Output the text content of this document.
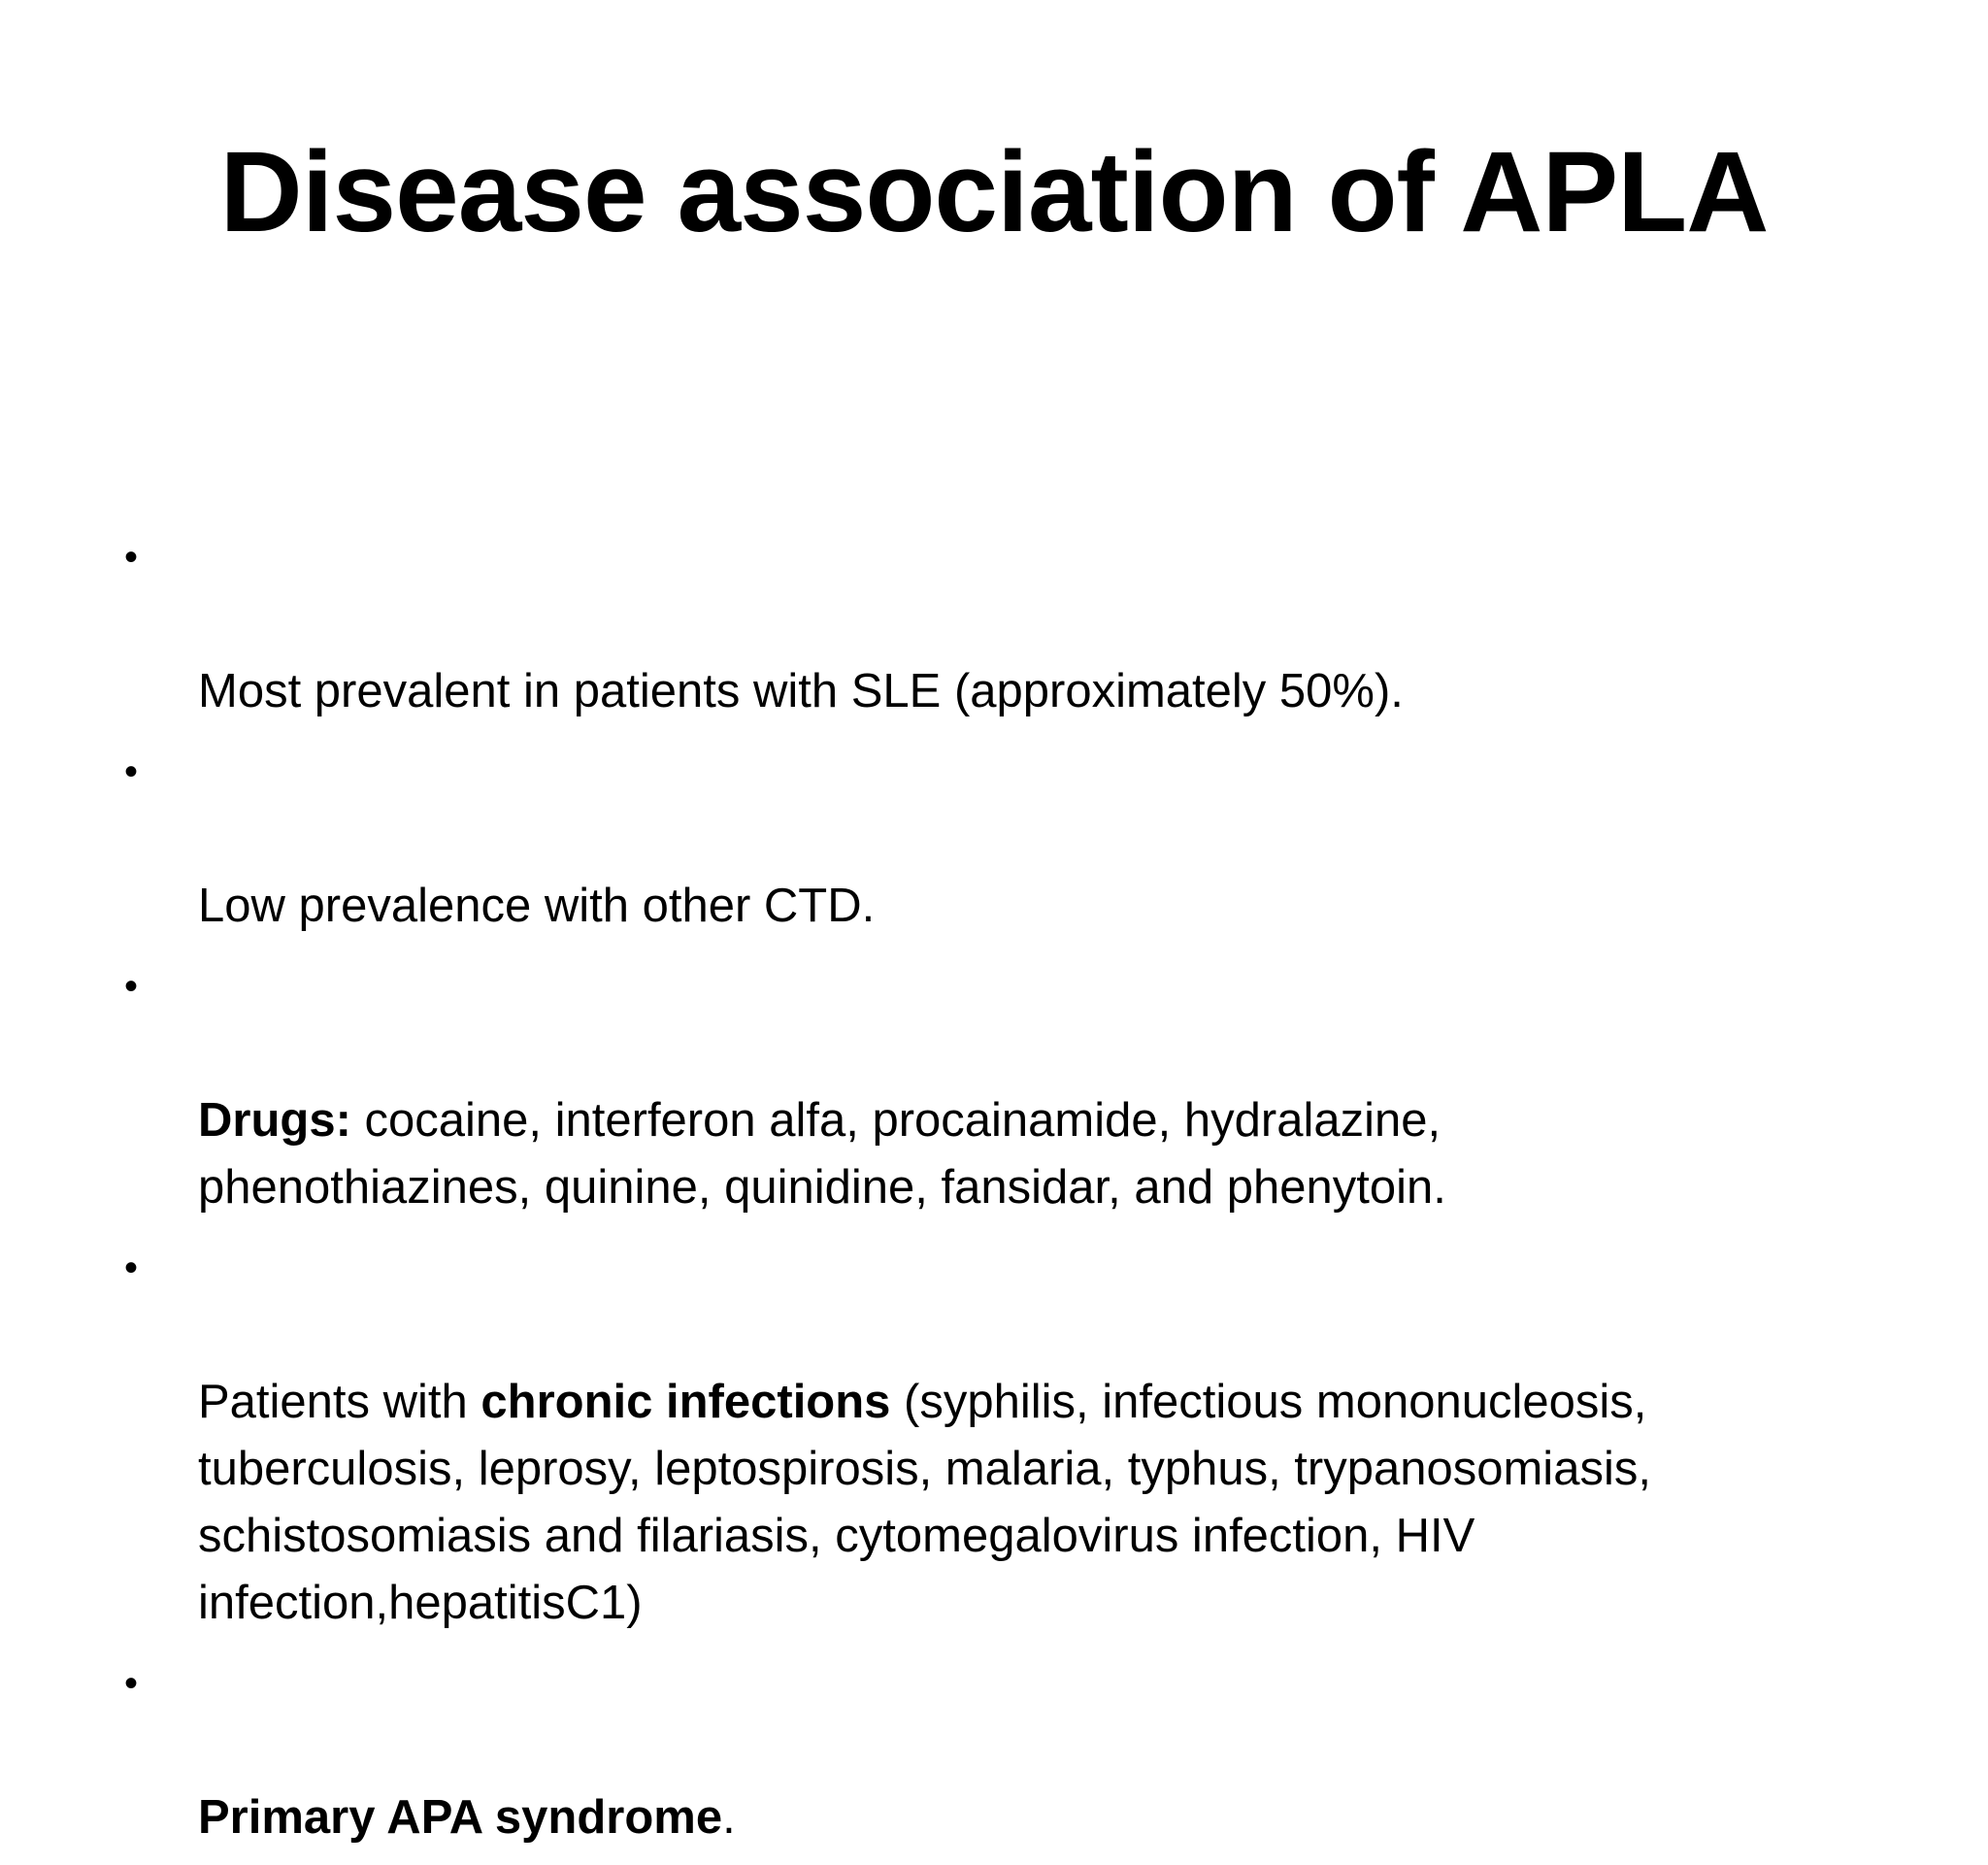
Disease association of APLA

•

Most prevalent in patients with SLE (approximately 50%).

•

Low prevalence with other CTD.

•

Drugs: cocaine, interferon alfa, procainamide, hydralazine,
phenothiazines, quinine, quinidine, fansidar, and phenytoin.

•

Patients with chronic infections (syphilis, infectious mononucleosis,
tuberculosis, leprosy, leptospirosis, malaria, typhus, trypanosomiasis,
schistosomiasis and filariasis, cytomegalovirus infection, HIV
infection,hepatitisC1)

•

Primary APA syndrome.
